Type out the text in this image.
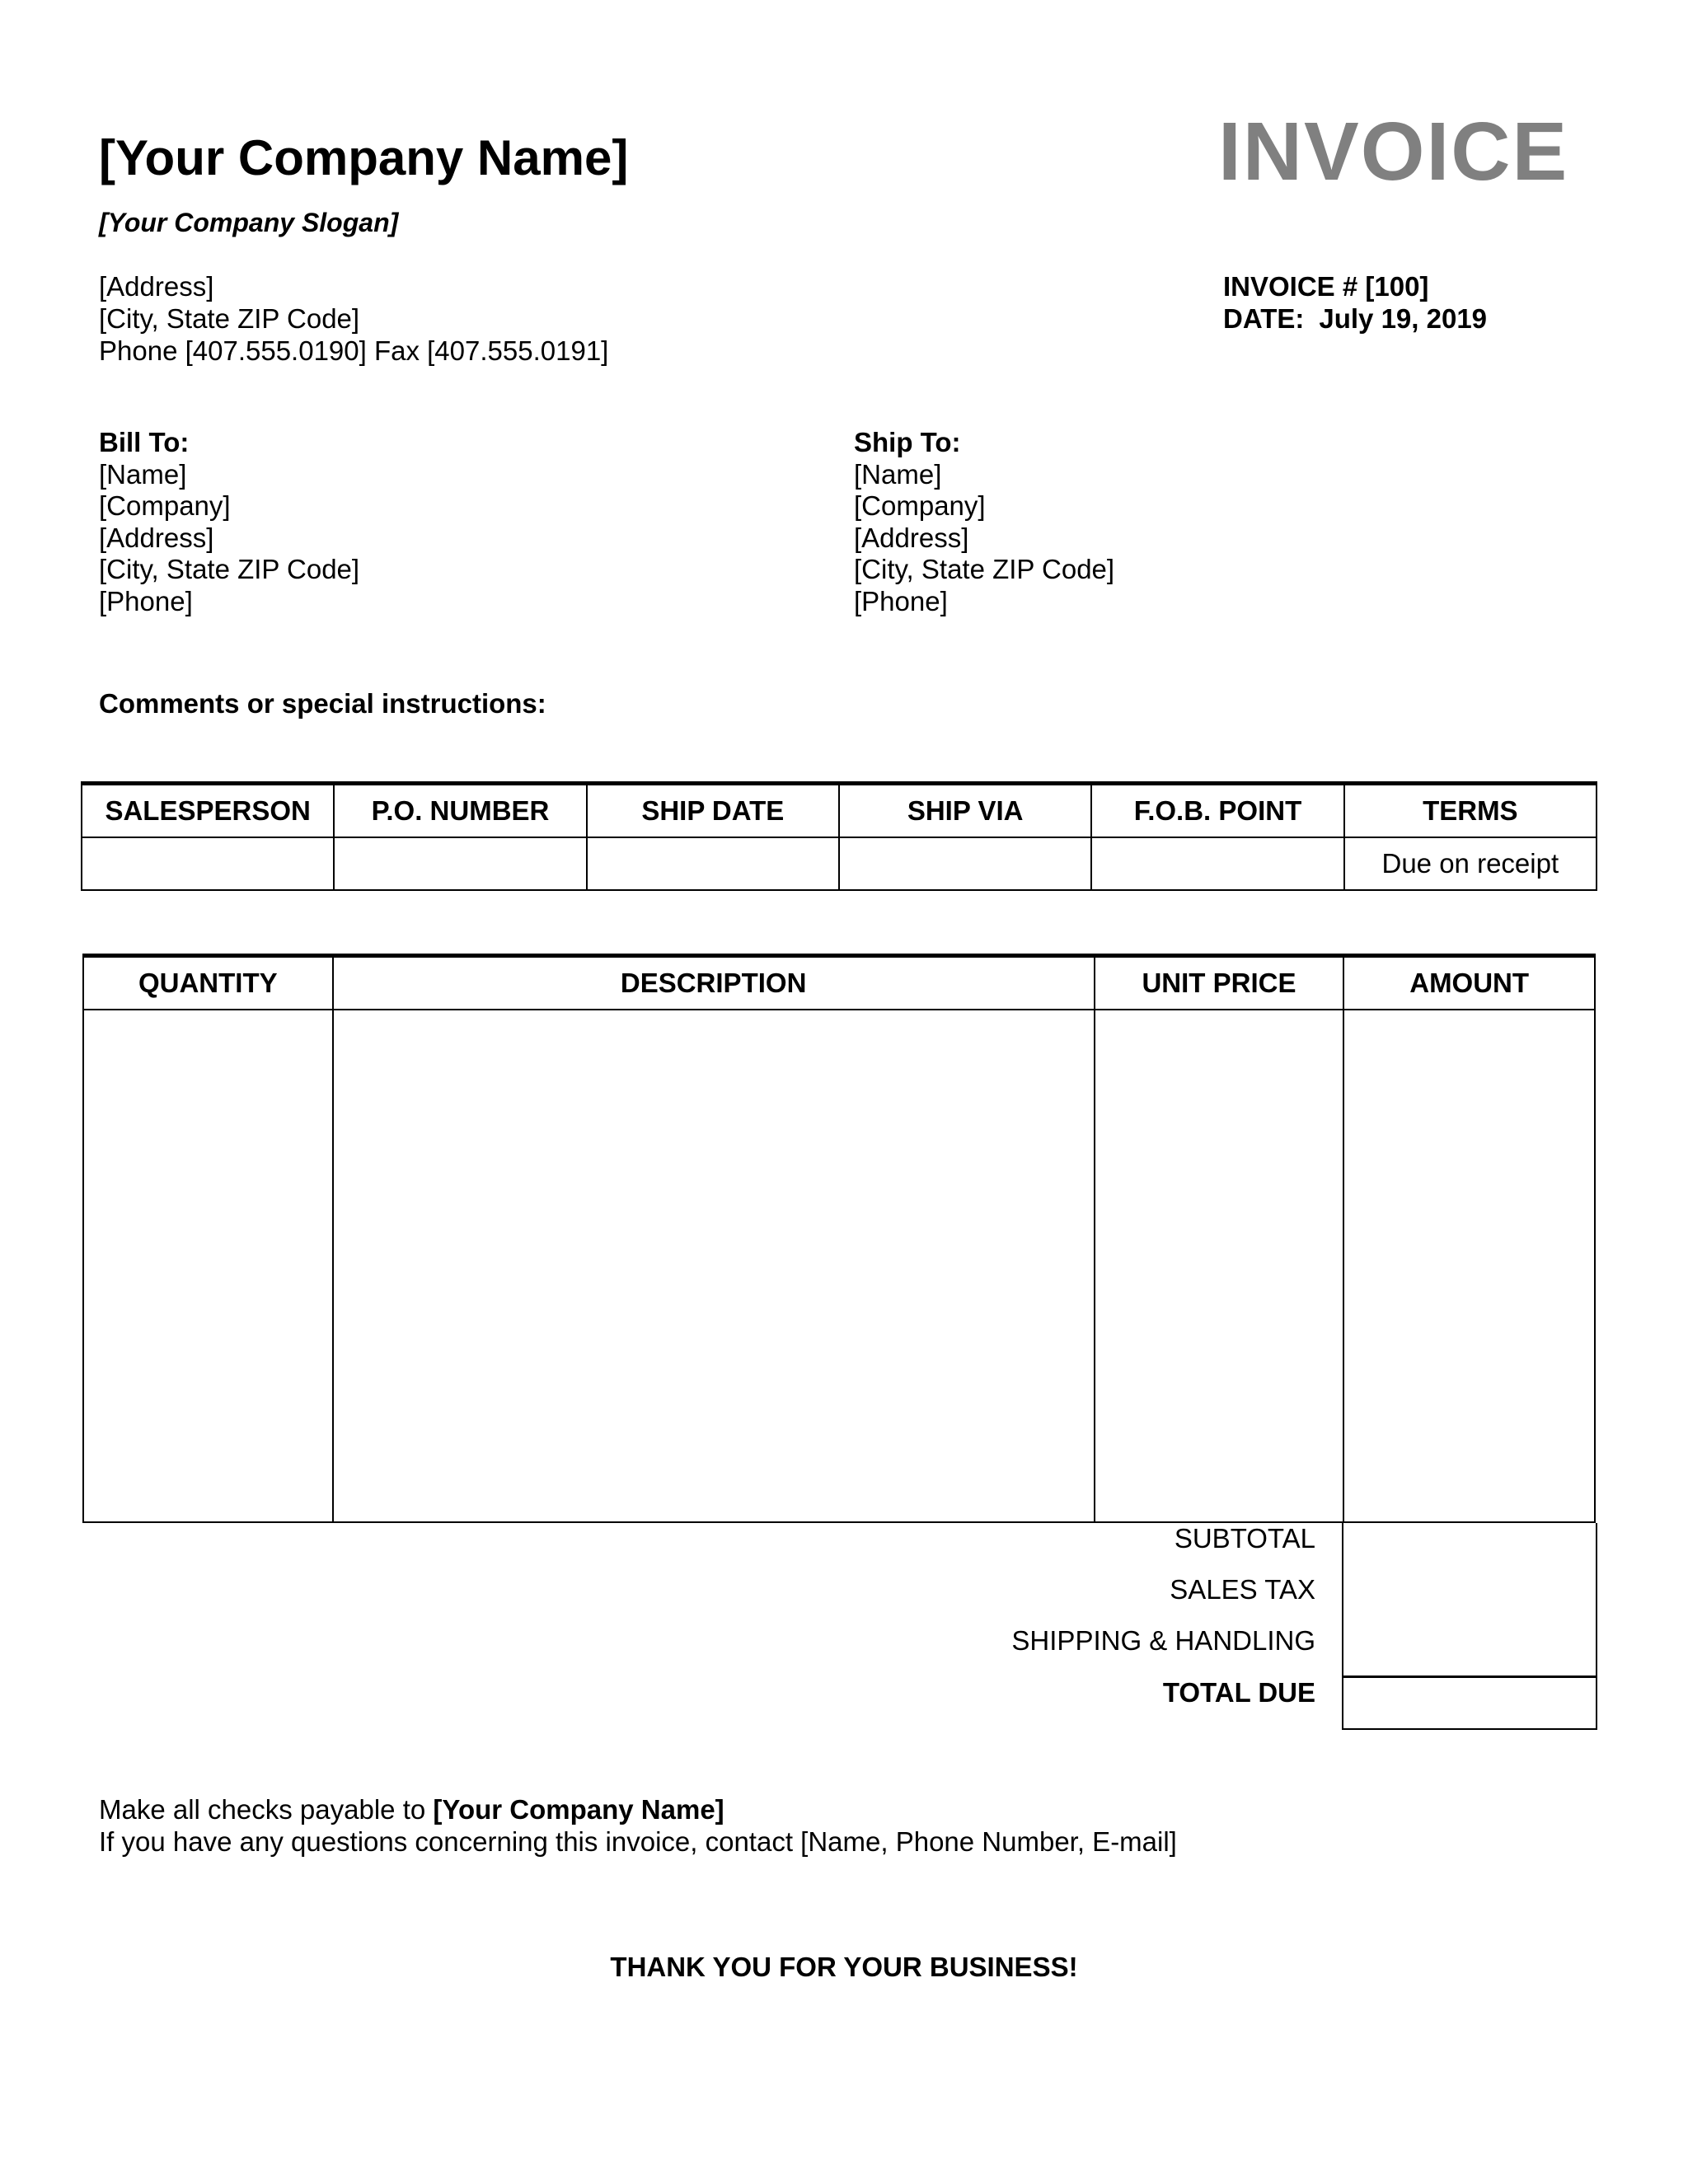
[Your Company Name]
[Your Company Slogan]
INVOICE
[Address]
[City, State ZIP Code]
Phone [407.555.0190] Fax [407.555.0191]
INVOICE # [100]
DATE: July 19, 2019
Bill To:
[Name]
[Company]
[Address]
[City, State ZIP Code]
[Phone]
Ship To:
[Name]
[Company]
[Address]
[City, State ZIP Code]
[Phone]
Comments or special instructions:
SALESPERSON	P.O. NUMBER	SHIP DATE	SHIP VIA	F.O.B. POINT	TERMS
					Due on receipt
QUANTITY	DESCRIPTION	UNIT PRICE	AMOUNT

SUBTOTAL
SALES TAX
SHIPPING & HANDLING
TOTAL DUE
Make all checks payable to [Your Company Name]
If you have any questions concerning this invoice, contact [Name, Phone Number, E-mail]
THANK YOU FOR YOUR BUSINESS!
